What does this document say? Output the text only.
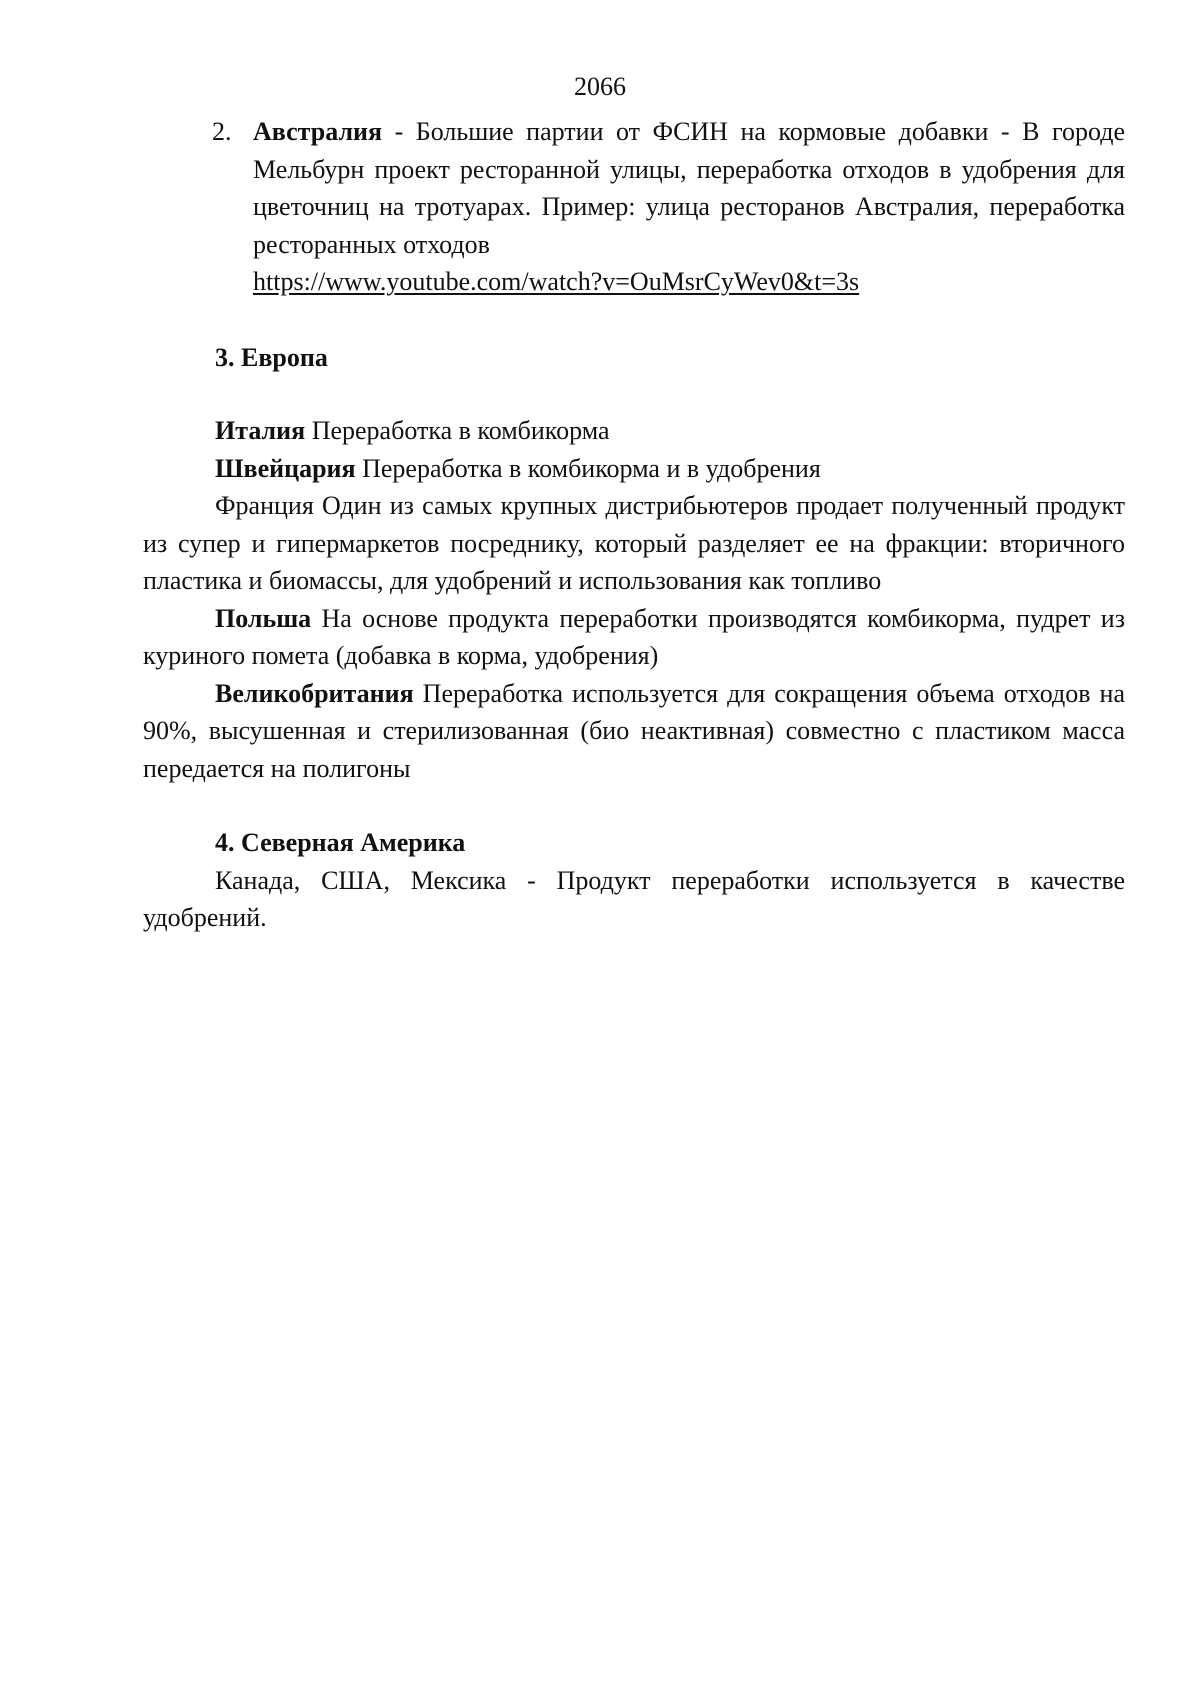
2066
2. Австралия - Большие партии от ФСИН на кормовые добавки - В городе Мельбурн проект ресторанной улицы, переработка отходов в удобрения для цветочниц на тротуарах. Пример: улица ресторанов Австралия, переработка ресторанных отходов
https://www.youtube.com/watch?v=OuMsrCyWev0&t=3s
3. Европа
Италия Переработка в комбикорма
Швейцария Переработка в комбикорма и в удобрения
Франция Один из самых крупных дистрибьютеров продает полученный продукт из супер и гипермаркетов посреднику, который разделяет ее на фракции: вторичного пластика и биомассы, для удобрений и использования как топливо
Польша На основе продукта переработки производятся комбикорма, пудрет из куриного помета (добавка в корма, удобрения)
Великобритания Переработка используется для сокращения объема отходов на 90%, высушенная и стерилизованная (био неактивная) совместно с пластиком масса передается на полигоны
4. Северная Америка
Канада, США, Мексика - Продукт переработки используется в качестве удобрений.
